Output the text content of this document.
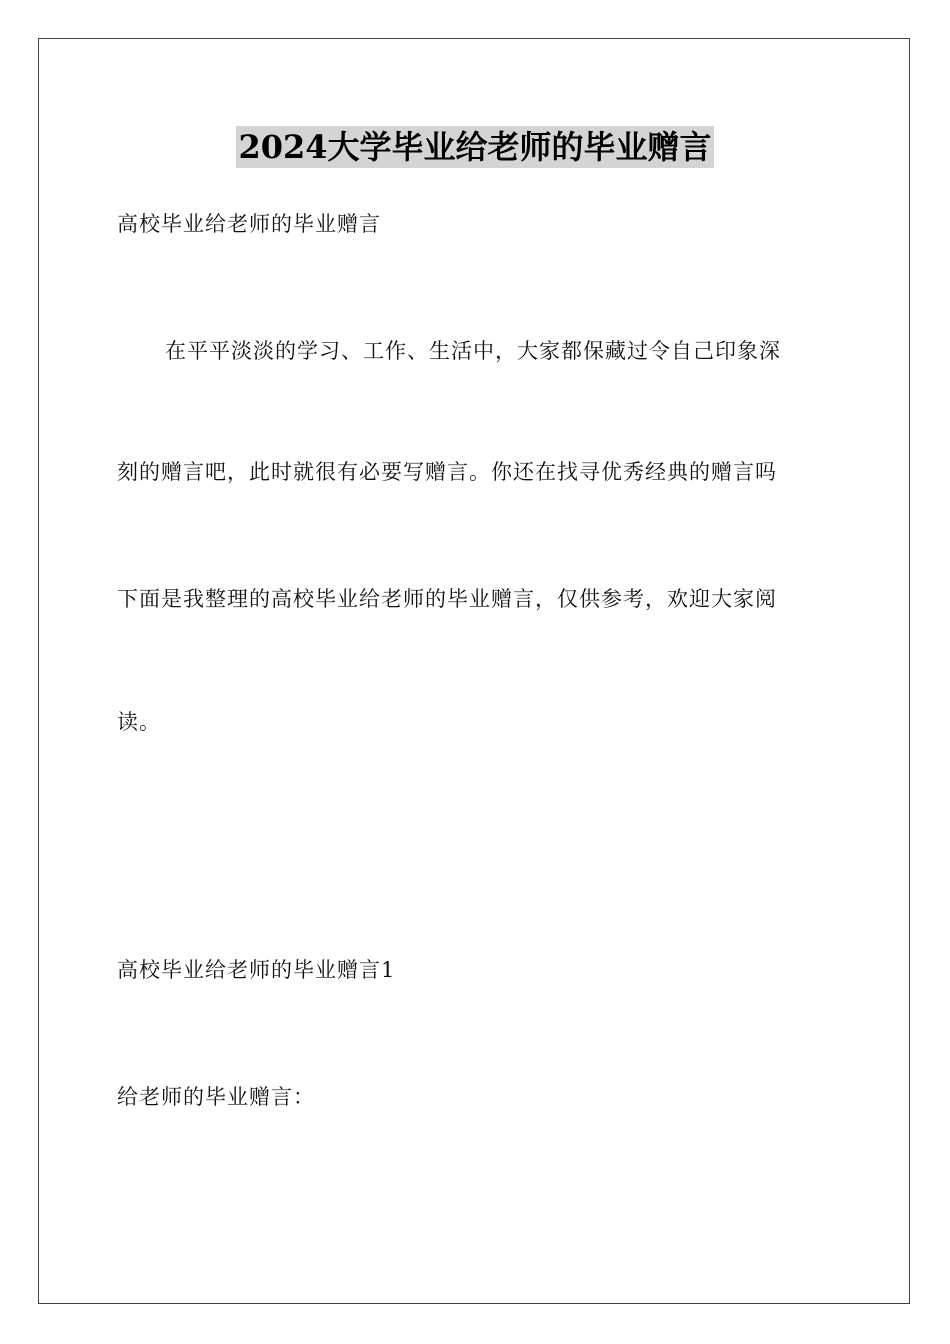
2024大学毕业给老师的毕业赠言
高校毕业给老师的毕业赠言
在平平淡淡的学习、工作、生活中，大家都保藏过令自己印象深
刻的赠言吧，此时就很有必要写赠言。你还在找寻优秀经典的赠言吗
下面是我整理的高校毕业给老师的毕业赠言，仅供参考，欢迎大家阅
读。
高校毕业给老师的毕业赠言1
给老师的毕业赠言：
